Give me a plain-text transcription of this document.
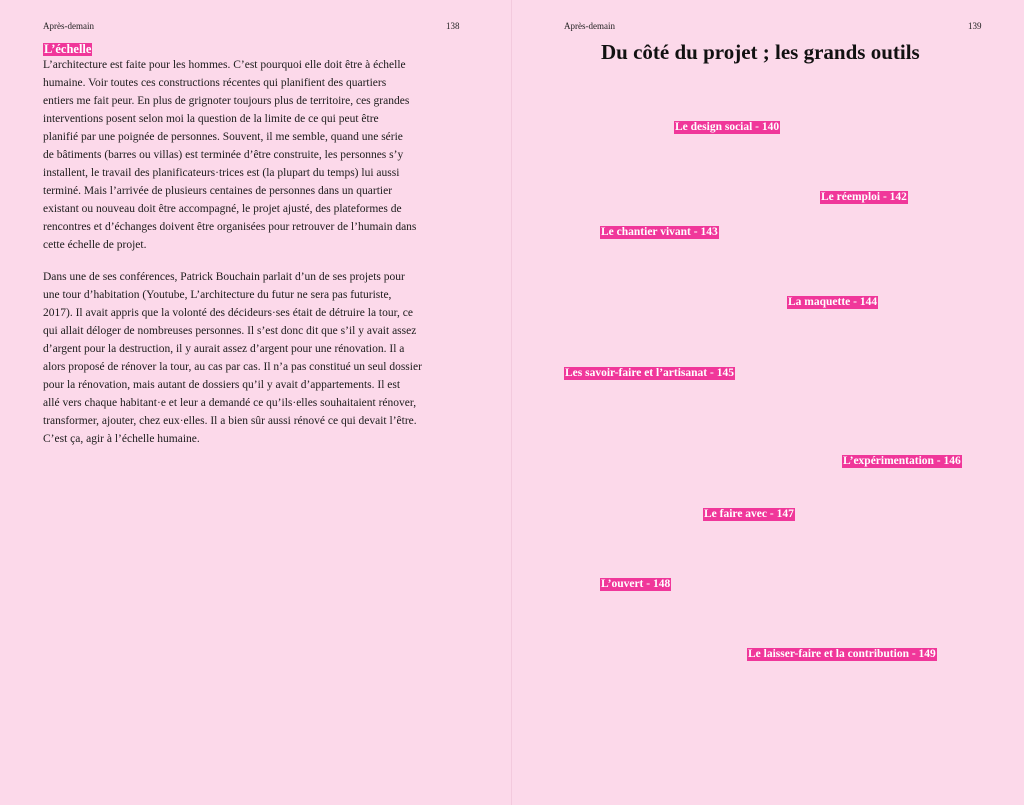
Après-demain	138
L’échelle
L’architecture est faite pour les hommes. C’est pourquoi elle doit être à échelle
humaine. Voir toutes ces constructions récentes qui planifient des quartiers
entiers me fait peur. En plus de grignoter toujours plus de territoire, ces grandes
interventions posent selon moi la question de la limite de ce qui peut être
planifié par une poignée de personnes. Souvent, il me semble, quand une série
de bâtiments (barres ou villas) est terminée d’être construite, les personnes s’y
installent, le travail des planificateurs·trices est (la plupart du temps) lui aussi
terminé. Mais l’arrivée de plusieurs centaines de personnes dans un quartier
existant ou nouveau doit être accompagné, le projet ajusté, des plateformes de
rencontres et d’échanges doivent être organisées pour retrouver de l’humain dans
cette échelle de projet.
Dans une de ses conférences, Patrick Bouchain parlait d’un de ses projets pour
une tour d’habitation (Youtube, L’architecture du futur ne sera pas futuriste,
2017). Il avait appris que la volonté des décideurs·ses était de détruire la tour, ce
qui allait déloger de nombreuses personnes. Il s’est donc dit que s’il y avait assez
d’argent pour la destruction, il y aurait assez d’argent pour une rénovation. Il a
alors proposé de rénover la tour, au cas par cas. Il n’a pas constitué un seul dossier
pour la rénovation, mais autant de dossiers qu’il y avait d’appartements. Il est
allé vers chaque habitant·e et leur a demandé ce qu’ils·elles souhaitaient rénover,
transformer, ajouter, chez eux·elles. Il a bien sûr aussi rénové ce qui devait l’être.
C’est ça, agir à l’échelle humaine.
Après-demain	139
Du côté du projet ; les grands outils
Le design social - 140
Le réemploi - 142
Le chantier vivant - 143
La maquette - 144
Les savoir-faire et l’artisanat - 145
L’expérimentation - 146
Le faire avec - 147
L’ouvert - 148
Le laisser-faire et la contribution - 149
